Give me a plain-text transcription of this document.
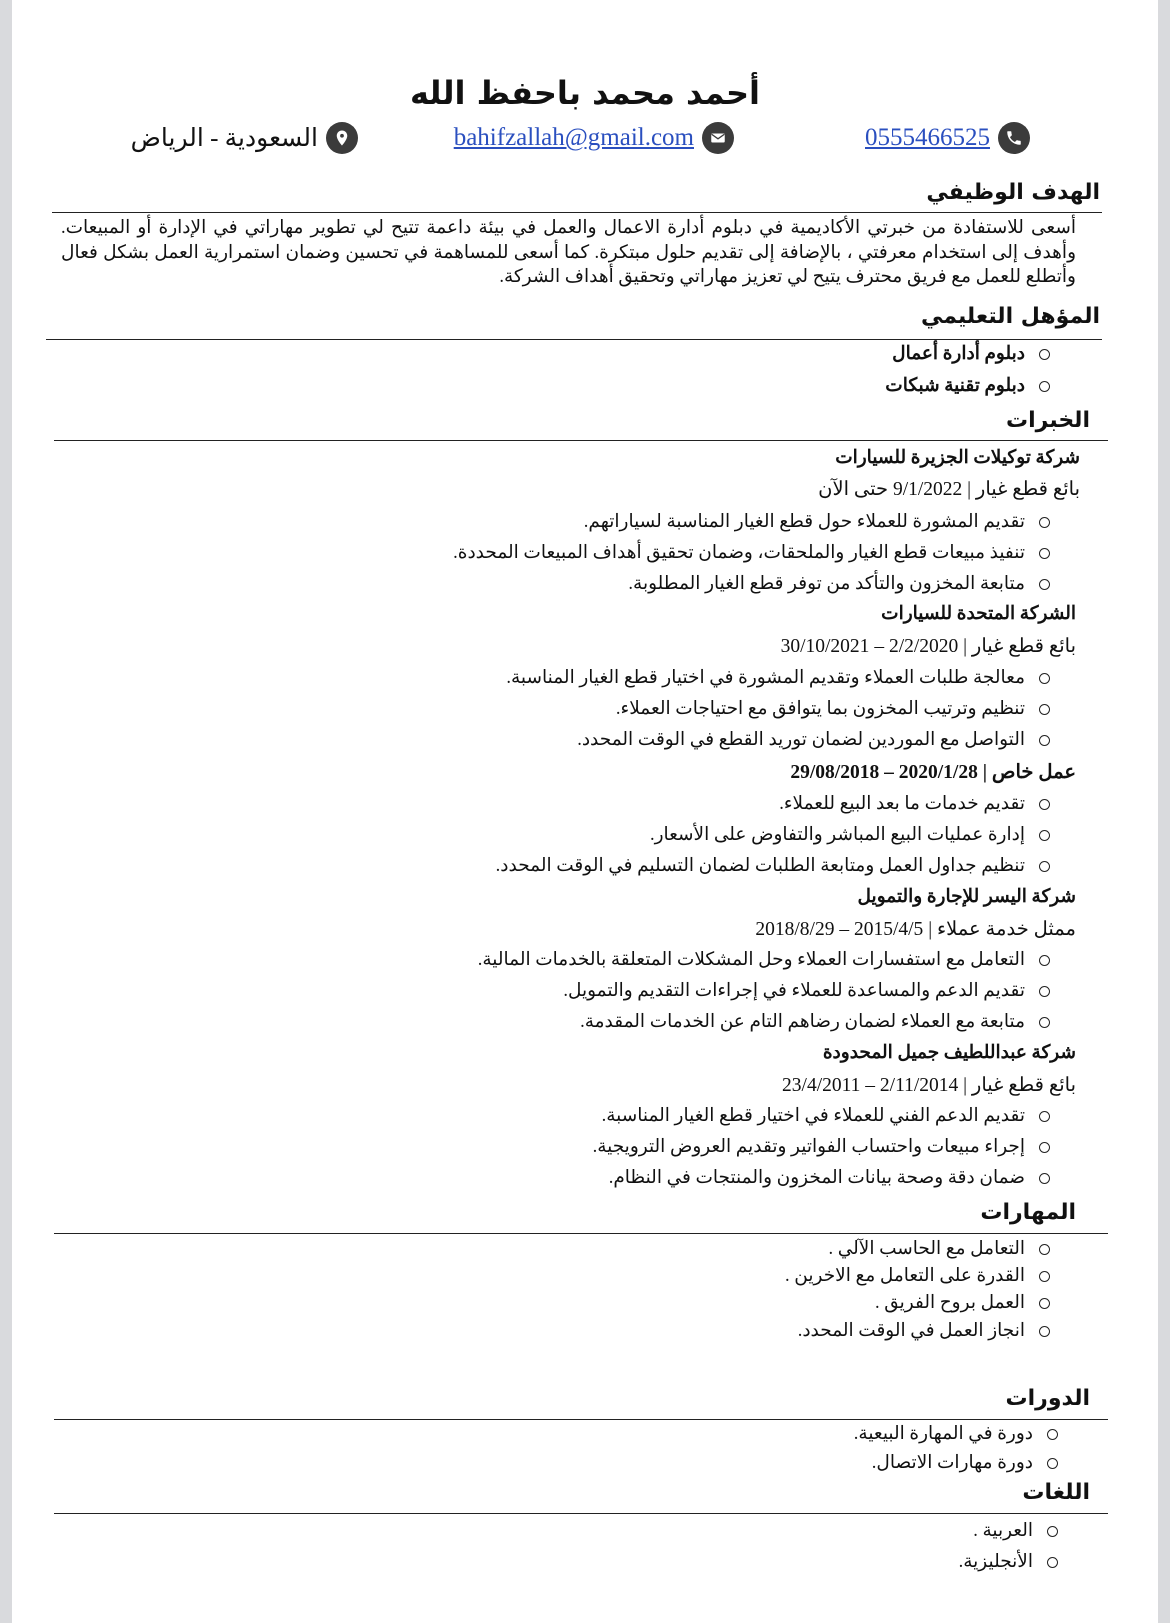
أحمد محمد باحفظ الله
0555466525
bahifzallah@gmail.com
السعودية - الرياض
الهدف الوظيفي
أسعى للاستفادة من خبرتي الأكاديمية في دبلوم أدارة الاعمال والعمل في بيئة داعمة تتيح لي تطوير مهاراتي في الإدارة أو المبيعات. وأهدف إلى استخدام معرفتي ، بالإضافة إلى تقديم حلول مبتكرة. كما أسعى للمساهمة في تحسين وضمان استمرارية العمل بشكل فعال وأتطلع للعمل مع فريق محترف يتيح لي تعزيز مهاراتي وتحقيق أهداف الشركة.
المؤهل التعليمي
دبلوم أدارة أعمال
دبلوم تقنية شبكات
الخبرات
شركة توكيلات الجزيرة للسيارات
بائع قطع غيار | 9/1/2022 حتى الآن
تقديم المشورة للعملاء حول قطع الغيار المناسبة لسياراتهم.
تنفيذ مبيعات قطع الغيار والملحقات، وضمان تحقيق أهداف المبيعات المحددة.
متابعة المخزون والتأكد من توفر قطع الغيار المطلوبة.
الشركة المتحدة للسيارات
بائع قطع غيار | 2/2/2020 – 30/10/2021
معالجة طلبات العملاء وتقديم المشورة في اختيار قطع الغيار المناسبة.
تنظيم وترتيب المخزون بما يتوافق مع احتياجات العملاء.
التواصل مع الموردين لضمان توريد القطع في الوقت المحدد.
عمل خاص | 2020/1/28 – 29/08/2018
تقديم خدمات ما بعد البيع للعملاء.
إدارة عمليات البيع المباشر والتفاوض على الأسعار.
تنظيم جداول العمل ومتابعة الطلبات لضمان التسليم في الوقت المحدد.
شركة اليسر للإجارة والتمويل
ممثل خدمة عملاء | 2015/4/5 – 2018/8/29
التعامل مع استفسارات العملاء وحل المشكلات المتعلقة بالخدمات المالية.
تقديم الدعم والمساعدة للعملاء في إجراءات التقديم والتمويل.
متابعة مع العملاء لضمان رضاهم التام عن الخدمات المقدمة.
شركة عبداللطيف جميل المحدودة
بائع قطع غيار | 2/11/2014 – 23/4/2011
تقديم الدعم الفني للعملاء في اختيار قطع الغيار المناسبة.
إجراء مبيعات واحتساب الفواتير وتقديم العروض الترويجية.
ضمان دقة وصحة بيانات المخزون والمنتجات في النظام.
المهارات
التعامل مع الحاسب الآلي .
القدرة على التعامل مع الاخرين .
العمل بروح الفريق .
انجاز العمل في الوقت المحدد.
الدورات
دورة في المهارة البيعية.
دورة مهارات الاتصال.
اللغات
العربية .
الأنجليزية.
